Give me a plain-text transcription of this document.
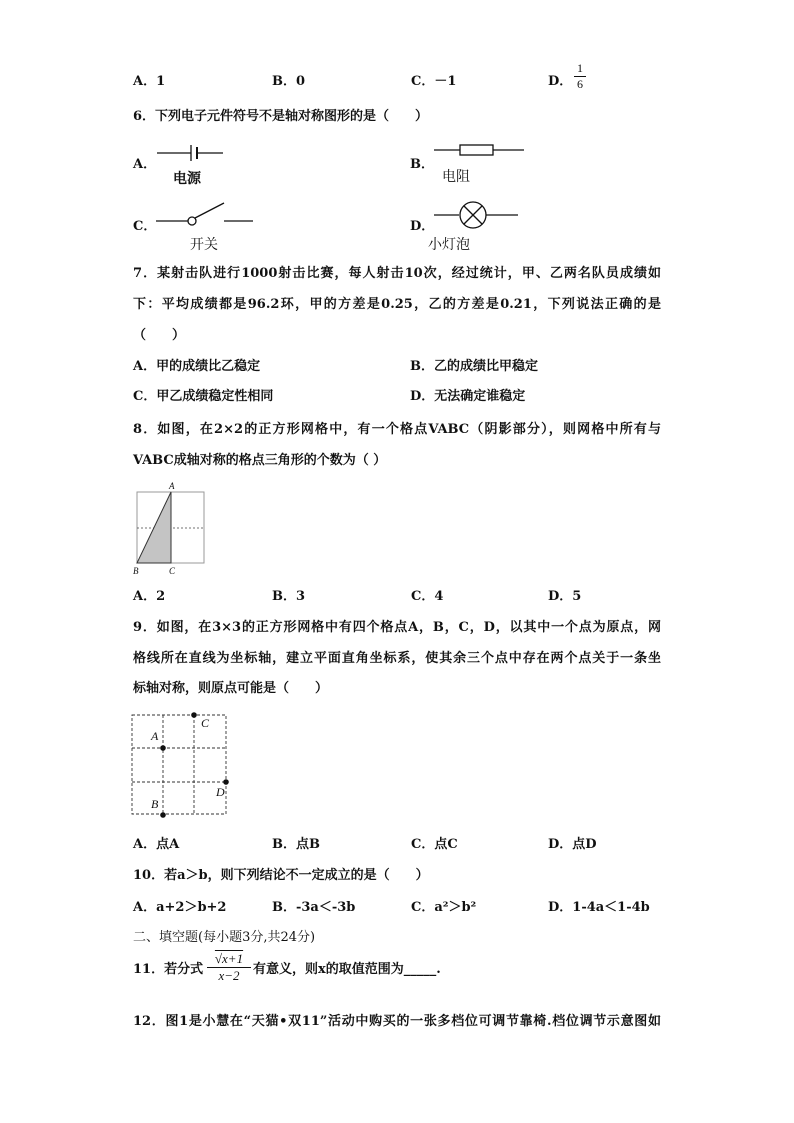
A．1	B．0	C．－1	D． $\frac{1}{6}$
6．下列电子元件符号不是轴对称图形的是（　　）
A．
电源
B．
电阻
C．
开关
D．
小灯泡
7．某射击队进行1000射击比赛，每人射击10次，经过统计，甲、乙两名队员成绩如
下：平均成绩都是96.2环，甲的方差是0.25，乙的方差是0.21，下列说法正确的是
（　　）
A．甲的成绩比乙稳定	B．乙的成绩比甲稳定
C．甲乙成绩稳定性相同	D．无法确定谁稳定
8．如图，在2×2的正方形网格中，有一个格点VABC（阴影部分），则网格中所有与
VABC成轴对称的格点三角形的个数为（ ）
A
B	C
A．2	B．3	C．4	D．5
9．如图，在3×3的正方形网格中有四个格点A，B，C，D，以其中一个点为原点，网
格线所在直线为坐标轴，建立平面直角坐标系，使其余三个点中存在两个点关于一条坐
标轴对称，则原点可能是（　　）
C
A
D
B
A．点A	B．点B	C．点C	D．点D
10．若a＞b，则下列结论不一定成立的是（　　）
A．a+2＞b+2	B．-3a＜-3b	C．a²＞b²	D．1-4a＜1-4b
二、填空题(每小题3分,共24分)
11．若分式 $\frac{√x+1}{x-2}$ 有意义，则x的取值范围为_____.
12．图1是小慧在“天猫•双11”活动中购买的一张多档位可调节靠椅.档位调节示意图如
